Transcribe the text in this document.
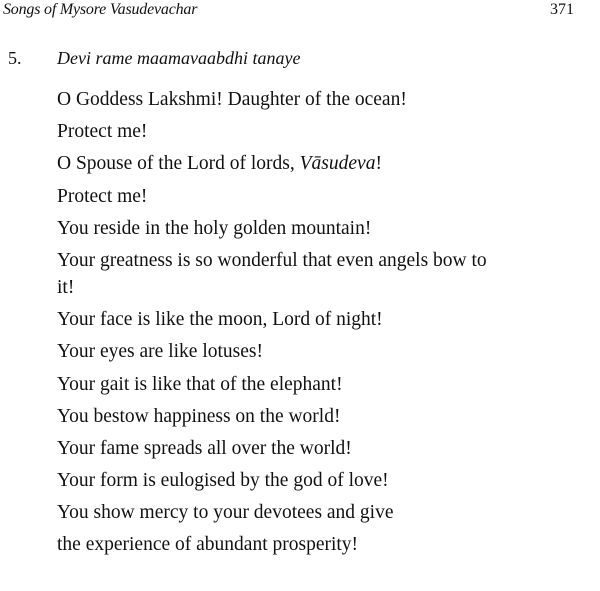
Songs of Mysore Vasudevachar	371
5. Devi rame maamavaabdhi tanaye
O Goddess Lakshmi! Daughter of the ocean!
Protect me!
O Spouse of the Lord of lords, Vāsudeva!
Protect me!
You reside in the holy golden mountain!
Your greatness is so wonderful that even angels bow to
it!
Your face is like the moon, Lord of night!
Your eyes are like lotuses!
Your gait is like that of the elephant!
You bestow happiness on the world!
Your fame spreads all over the world!
Your form is eulogised by the god of love!
You show mercy to your devotees and give
the experience of abundant prosperity!
